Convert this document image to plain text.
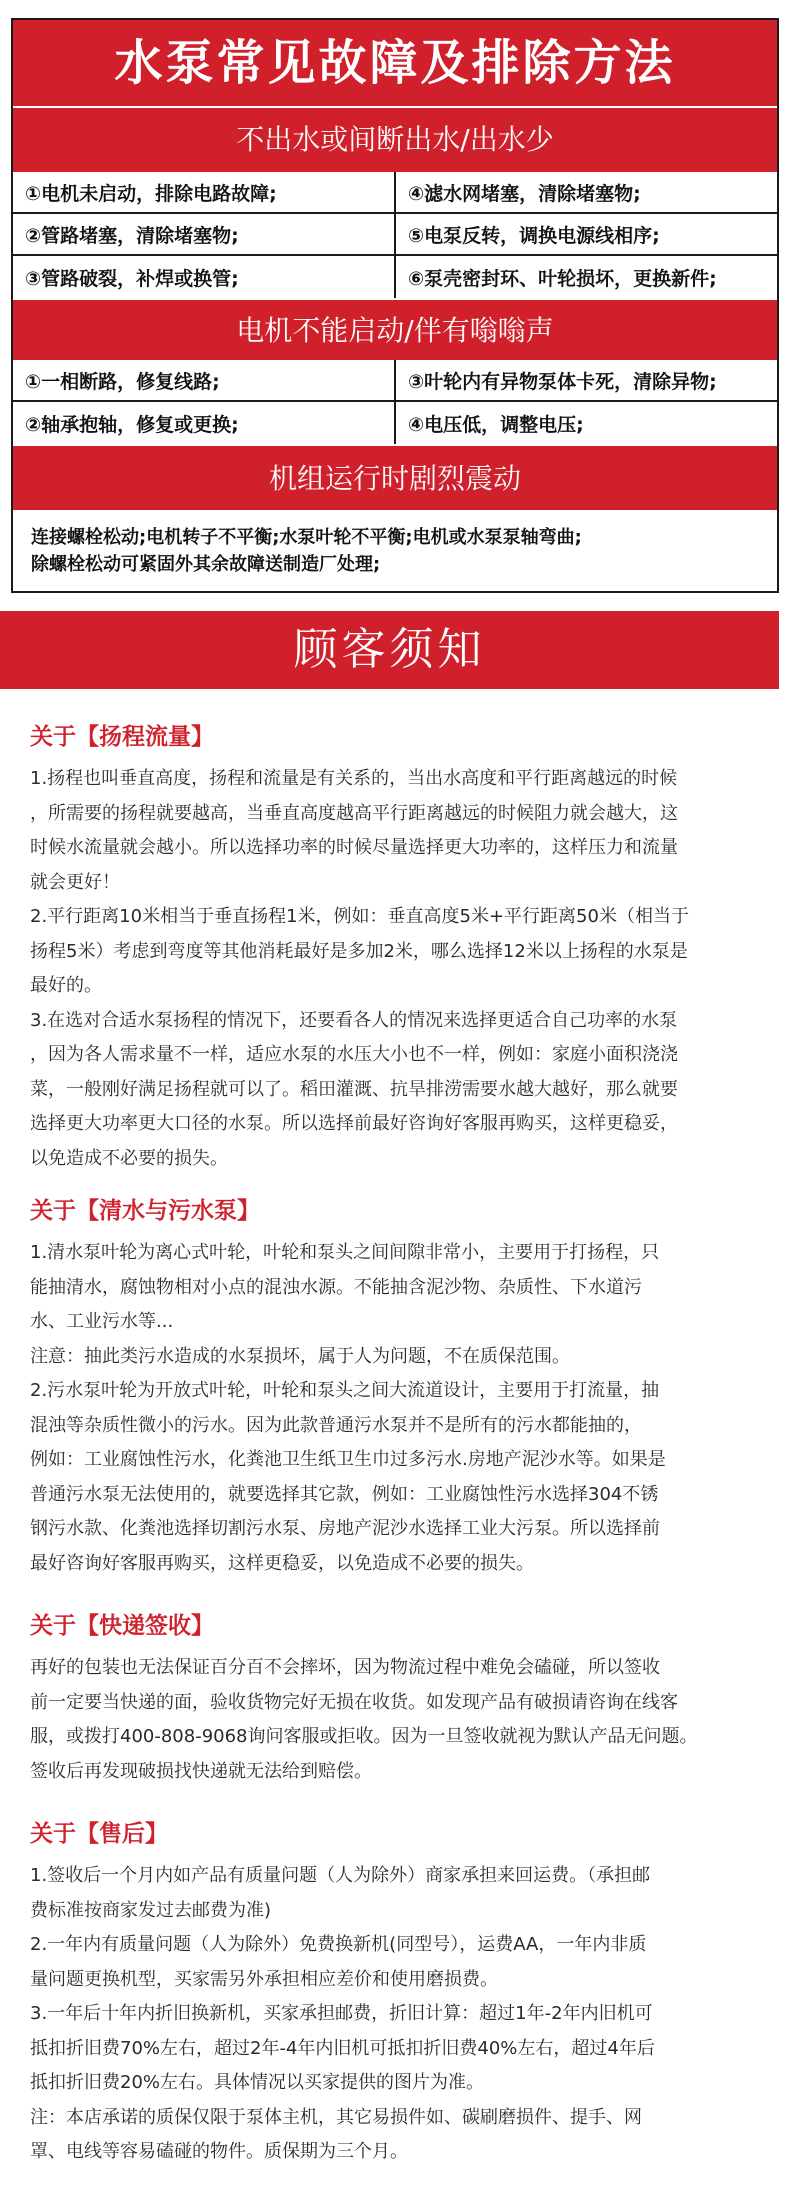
水泵常见故障及排除方法
不出水或间断出水/出水少
①电机未启动，排除电路故障;	④滤水网堵塞，清除堵塞物;
②管路堵塞，清除堵塞物;	⑤电泵反转，调换电源线相序;
③管路破裂，补焊或换管;	⑥泵壳密封环、叶轮损坏，更换新件;
电机不能启动/伴有嗡嗡声
①一相断路，修复线路;	③叶轮内有异物泵体卡死，清除异物;
②轴承抱轴，修复或更换;	④电压低，调整电压;
机组运行时剧烈震动
连接螺栓松动;电机转子不平衡;水泵叶轮不平衡;电机或水泵泵轴弯曲;
除螺栓松动可紧固外其余故障送制造厂处理;
顾客须知
关于【扬程流量】
1.扬程也叫垂直高度，扬程和流量是有关系的，当出水高度和平行距离越远的时候
，所需要的扬程就要越高，当垂直高度越高平行距离越远的时候阻力就会越大，这
时候水流量就会越小。所以选择功率的时候尽量选择更大功率的，这样压力和流量
就会更好！
2.平行距离10米相当于垂直扬程1米，例如：垂直高度5米+平行距离50米（相当于
扬程5米）考虑到弯度等其他消耗最好是多加2米，哪么选择12米以上扬程的水泵是
最好的。
3.在选对合适水泵扬程的情况下，还要看各人的情况来选择更适合自己功率的水泵
，因为各人需求量不一样，适应水泵的水压大小也不一样，例如：家庭小面积浇浇
菜，一般刚好满足扬程就可以了。稻田灌溉、抗旱排涝需要水越大越好，那么就要
选择更大功率更大口径的水泵。所以选择前最好咨询好客服再购买，这样更稳妥，
以免造成不必要的损失。
关于【清水与污水泵】
1.清水泵叶轮为离心式叶轮，叶轮和泵头之间间隙非常小，主要用于打扬程，只
能抽清水，腐蚀物相对小点的混浊水源。不能抽含泥沙物、杂质性、下水道污
水、工业污水等...
注意：抽此类污水造成的水泵损坏，属于人为问题，不在质保范围。
2.污水泵叶轮为开放式叶轮，叶轮和泵头之间大流道设计，主要用于打流量，抽
混浊等杂质性微小的污水。因为此款普通污水泵并不是所有的污水都能抽的，
例如：工业腐蚀性污水，化粪池卫生纸卫生巾过多污水.房地产泥沙水等。如果是
普通污水泵无法使用的，就要选择其它款，例如：工业腐蚀性污水选择304不锈
钢污水款、化粪池选择切割污水泵、房地产泥沙水选择工业大污泵。所以选择前
最好咨询好客服再购买，这样更稳妥，以免造成不必要的损失。
关于【快递签收】
再好的包装也无法保证百分百不会摔坏，因为物流过程中难免会磕碰，所以签收
前一定要当快递的面，验收货物完好无损在收货。如发现产品有破损请咨询在线客
服，或拨打400-808-9068询问客服或拒收。因为一旦签收就视为默认产品无问题。
签收后再发现破损找快递就无法给到赔偿。
关于【售后】
1.签收后一个月内如产品有质量问题（人为除外）商家承担来回运费。（承担邮
费标准按商家发过去邮费为准)
2.一年内有质量问题（人为除外）免费换新机(同型号），运费AA，一年内非质
量问题更换机型，买家需另外承担相应差价和使用磨损费。
3.一年后十年内折旧换新机，买家承担邮费，折旧计算：超过1年-2年内旧机可
抵扣折旧费70%左右，超过2年-4年内旧机可抵扣折旧费40%左右，超过4年后
抵扣折旧费20%左右。具体情况以买家提供的图片为准。
注：本店承诺的质保仅限于泵体主机，其它易损件如、碳刷磨损件、提手、网
罩、电线等容易磕碰的物件。质保期为三个月。
